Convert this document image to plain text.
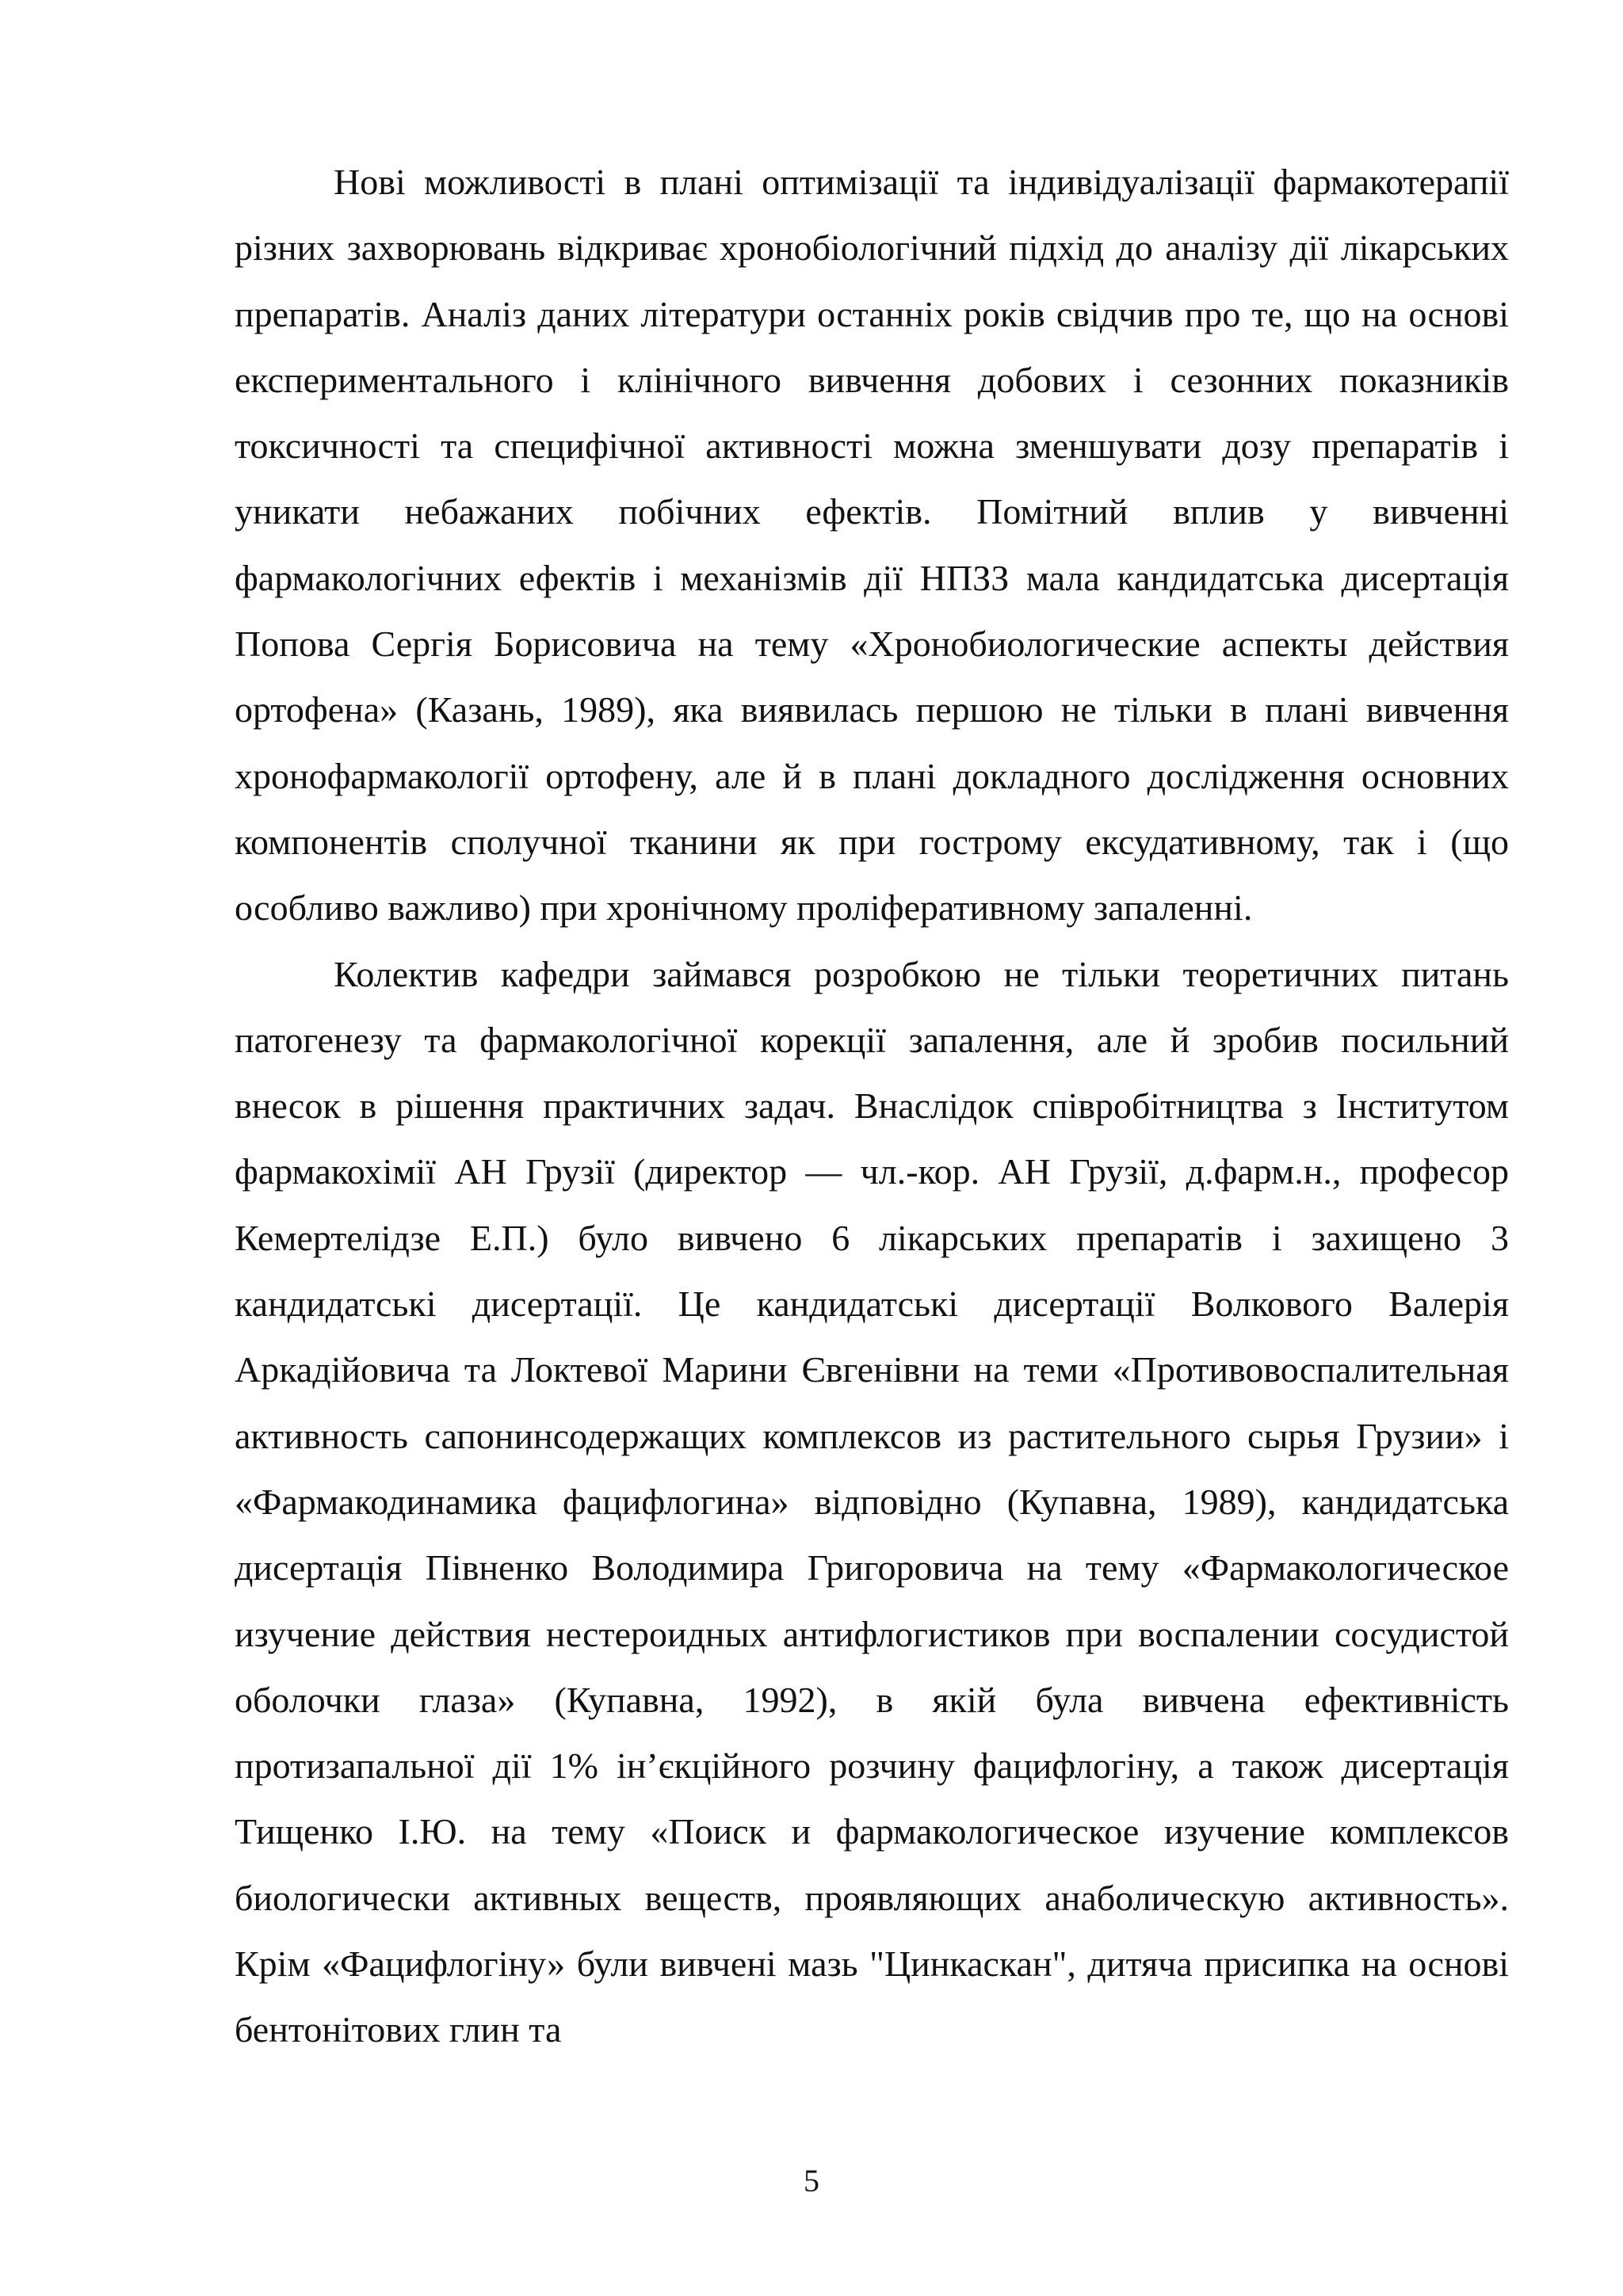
Нові можливості в плані оптимізації та індивідуалізації фармакотерапії різних захворювань відкриває хронобіологічний підхід до аналізу дії лікарських препаратів. Аналіз даних літератури останніх років свідчив про те, що на основі експериментального і клінічного вивчення добових і сезонних показників токсичності та специфічної активності можна зменшувати дозу препаратів і уникати небажаних побічних ефектів. Помітний вплив у вивченні фармакологічних ефектів і механізмів дії НПЗЗ мала кандидатська дисертація Попова Сергія Борисовича на тему «Хронобиологические аспекты действия ортофена» (Казань, 1989), яка виявилась першою не тільки в плані вивчення хронофармакології ортофену, але й в плані докладного дослідження основних компонентів сполучної тканини як при гострому ексудативному, так і (що особливо важливо) при хронічному проліферативному запаленні.

Колектив кафедри займався розробкою не тільки теоретичних питань патогенезу та фармакологічної корекції запалення, але й зробив посильний внесок в рішення практичних задач. Внаслідок співробітництва з Інститутом фармакохімії АН Грузії (директор — чл.-кор. АН Грузії, д.фарм.н., професор Кемертелідзе Е.П.) було вивчено 6 лікарських препаратів і захищено 3 кандидатські дисертації. Це кандидатські дисертації Волкового Валерія Аркадійовича та Локтевої Марини Євгенівни на теми «Противовоспалительная активность сапонинсодержащих комплексов из растительного сырья Грузии» і «Фармакодинамика фацифлогина» відповідно (Купавна, 1989), кандидатська дисертація Півненко Володимира Григоровича на тему «Фармакологическое изучение действия нестероидных антифлогистиков при воспалении сосудистой оболочки глаза» (Купавна, 1992), в якій була вивчена ефективність протизапальної дії 1% ін’єкційного розчину фацифлогіну, а також дисертація Тищенко І.Ю. на тему «Поиск и фармакологическое изучение комплексов биологически активных веществ, проявляющих анаболическую активность». Крім «Фацифлогіну» були вивчені мазь "Цинкаскан", дитяча присипка на основі бентонітових глин та

5
